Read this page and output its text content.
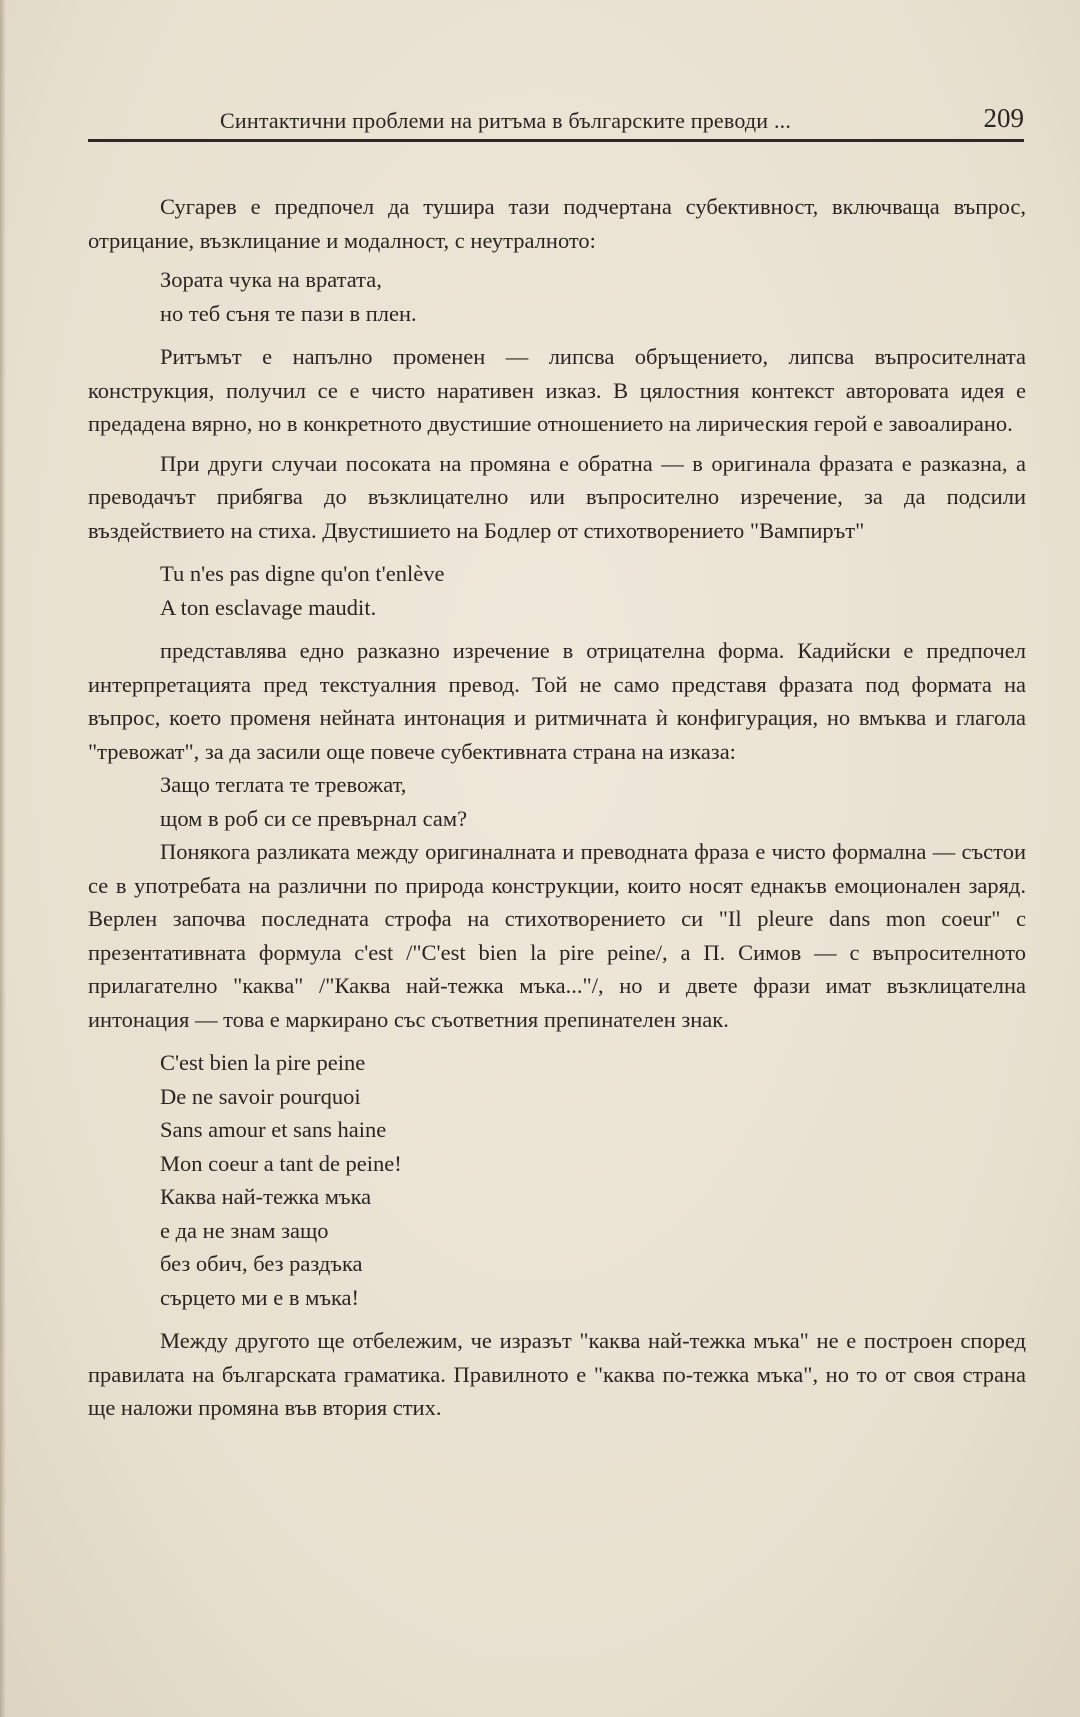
Синтактични проблеми на ритъма в българските преводи ...	209

Сугарев е предпочел да тушира тази подчертана субективност, включваща въпрос, отрицание, възклицание и модалност, с неутралното:

Зората чука на вратата,
но теб съня те пази в плен.

Ритъмът е напълно променен — липсва обръщението, липсва въпросителната конструкция, получил се е чисто наративен изказ. В цялостния контекст авторовата идея е предадена вярно, но в конкретното двустишие отношението на лирическия герой е завоалирано.

При други случаи посоката на промяна е обратна — в оригинала фразата е разказна, а преводачът прибягва до възклицателно или въпросително изречение, за да подсили въздействието на стиха. Двустишието на Бодлер от стихотворението "Вампирът"

Tu n'es pas digne qu'on t'enlève
A ton esclavage maudit.

представлява едно разказно изречение в отрицателна форма. Кадийски е предпочел интерпретацията пред текстуалния превод. Той не само представя фразата под формата на въпрос, което променя нейната интонация и ритмичната ѝ конфигурация, но вмъква и глагола "тревожат", за да засили още повече субективната страна на изказа:

Защо теглата те тревожат,
щом в роб си се превърнал сам?

Понякога разликата между оригиналната и преводната фраза е чисто формална — състои се в употребата на различни по природа конструкции, които носят еднакъв емоционален заряд. Верлен започва последната строфа на стихотворението си "Il pleure dans mon coeur" с презентативната формула c'est /"C'est bien la pire peine/, а П. Симов — с въпросителното прилагателно "каква" /"Каква най-тежка мъка..."/, но и двете фрази имат възклицателна интонация — това е маркирано със съответния препинателен знак.

C'est bien la pire peine
De ne savoir pourquoi
Sans amour et sans haine
Mon coeur a tant de peine!
Каква най-тежка мъка
е да не знам защо
без обич, без раздъка
сърцето ми е в мъка!

Между другото ще отбележим, че изразът "каква най-тежка мъка" не е построен според правилата на българската граматика. Правилното е "каква по-тежка мъка", но то от своя страна ще наложи промяна във втория стих.
